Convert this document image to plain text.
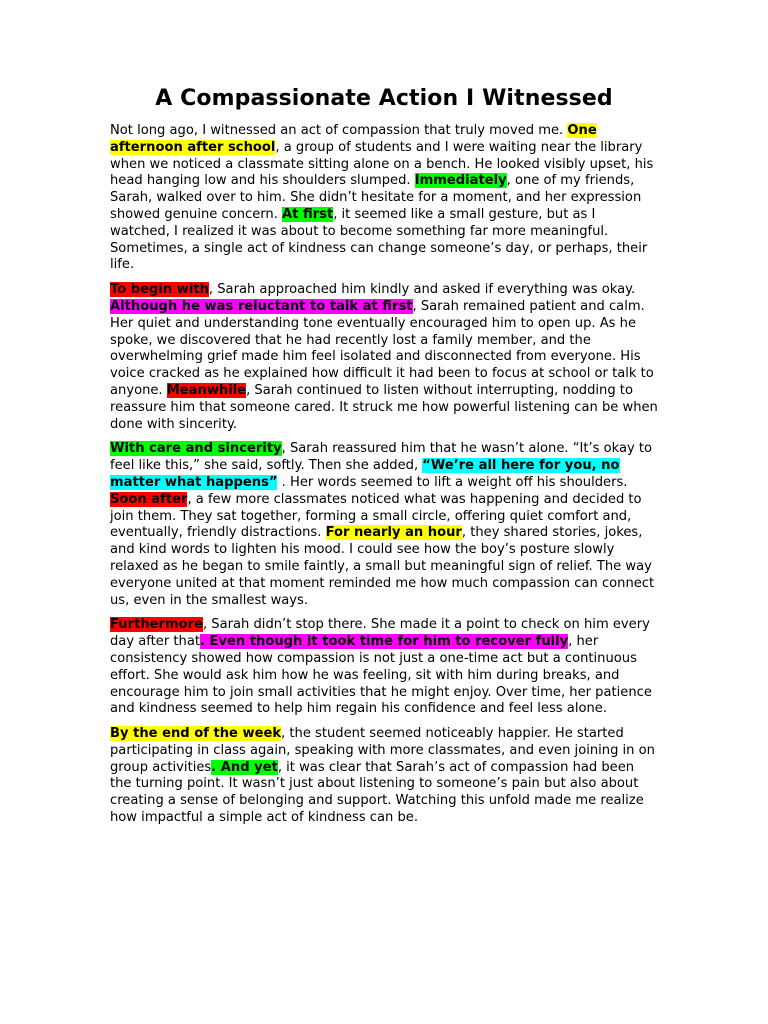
A Compassionate Action I Witnessed

Not long ago, I witnessed an act of compassion that truly moved me. One afternoon after school, a group of students and I were waiting near the library when we noticed a classmate sitting alone on a bench. He looked visibly upset, his head hanging low and his shoulders slumped. Immediately, one of my friends, Sarah, walked over to him. She didn’t hesitate for a moment, and her expression showed genuine concern. At first, it seemed like a small gesture, but as I watched, I realized it was about to become something far more meaningful. Sometimes, a single act of kindness can change someone’s day, or perhaps, their life.

To begin with, Sarah approached him kindly and asked if everything was okay. Although he was reluctant to talk at first, Sarah remained patient and calm. Her quiet and understanding tone eventually encouraged him to open up. As he spoke, we discovered that he had recently lost a family member, and the overwhelming grief made him feel isolated and disconnected from everyone. His voice cracked as he explained how difficult it had been to focus at school or talk to anyone. Meanwhile, Sarah continued to listen without interrupting, nodding to reassure him that someone cared. It struck me how powerful listening can be when done with sincerity.

With care and sincerity, Sarah reassured him that he wasn’t alone. “It’s okay to feel like this,” she said, softly. Then she added, “We’re all here for you, no matter what happens” . Her words seemed to lift a weight off his shoulders. Soon after, a few more classmates noticed what was happening and decided to join them. They sat together, forming a small circle, offering quiet comfort and, eventually, friendly distractions. For nearly an hour, they shared stories, jokes, and kind words to lighten his mood. I could see how the boy’s posture slowly relaxed as he began to smile faintly, a small but meaningful sign of relief. The way everyone united at that moment reminded me how much compassion can connect us, even in the smallest ways.

Furthermore, Sarah didn’t stop there. She made it a point to check on him every day after that. Even though it took time for him to recover fully, her consistency showed how compassion is not just a one-time act but a continuous effort. She would ask him how he was feeling, sit with him during breaks, and encourage him to join small activities that he might enjoy. Over time, her patience and kindness seemed to help him regain his confidence and feel less alone.

By the end of the week, the student seemed noticeably happier. He started participating in class again, speaking with more classmates, and even joining in on group activities. And yet, it was clear that Sarah’s act of compassion had been the turning point. It wasn’t just about listening to someone’s pain but also about creating a sense of belonging and support. Watching this unfold made me realize how impactful a simple act of kindness can be.
